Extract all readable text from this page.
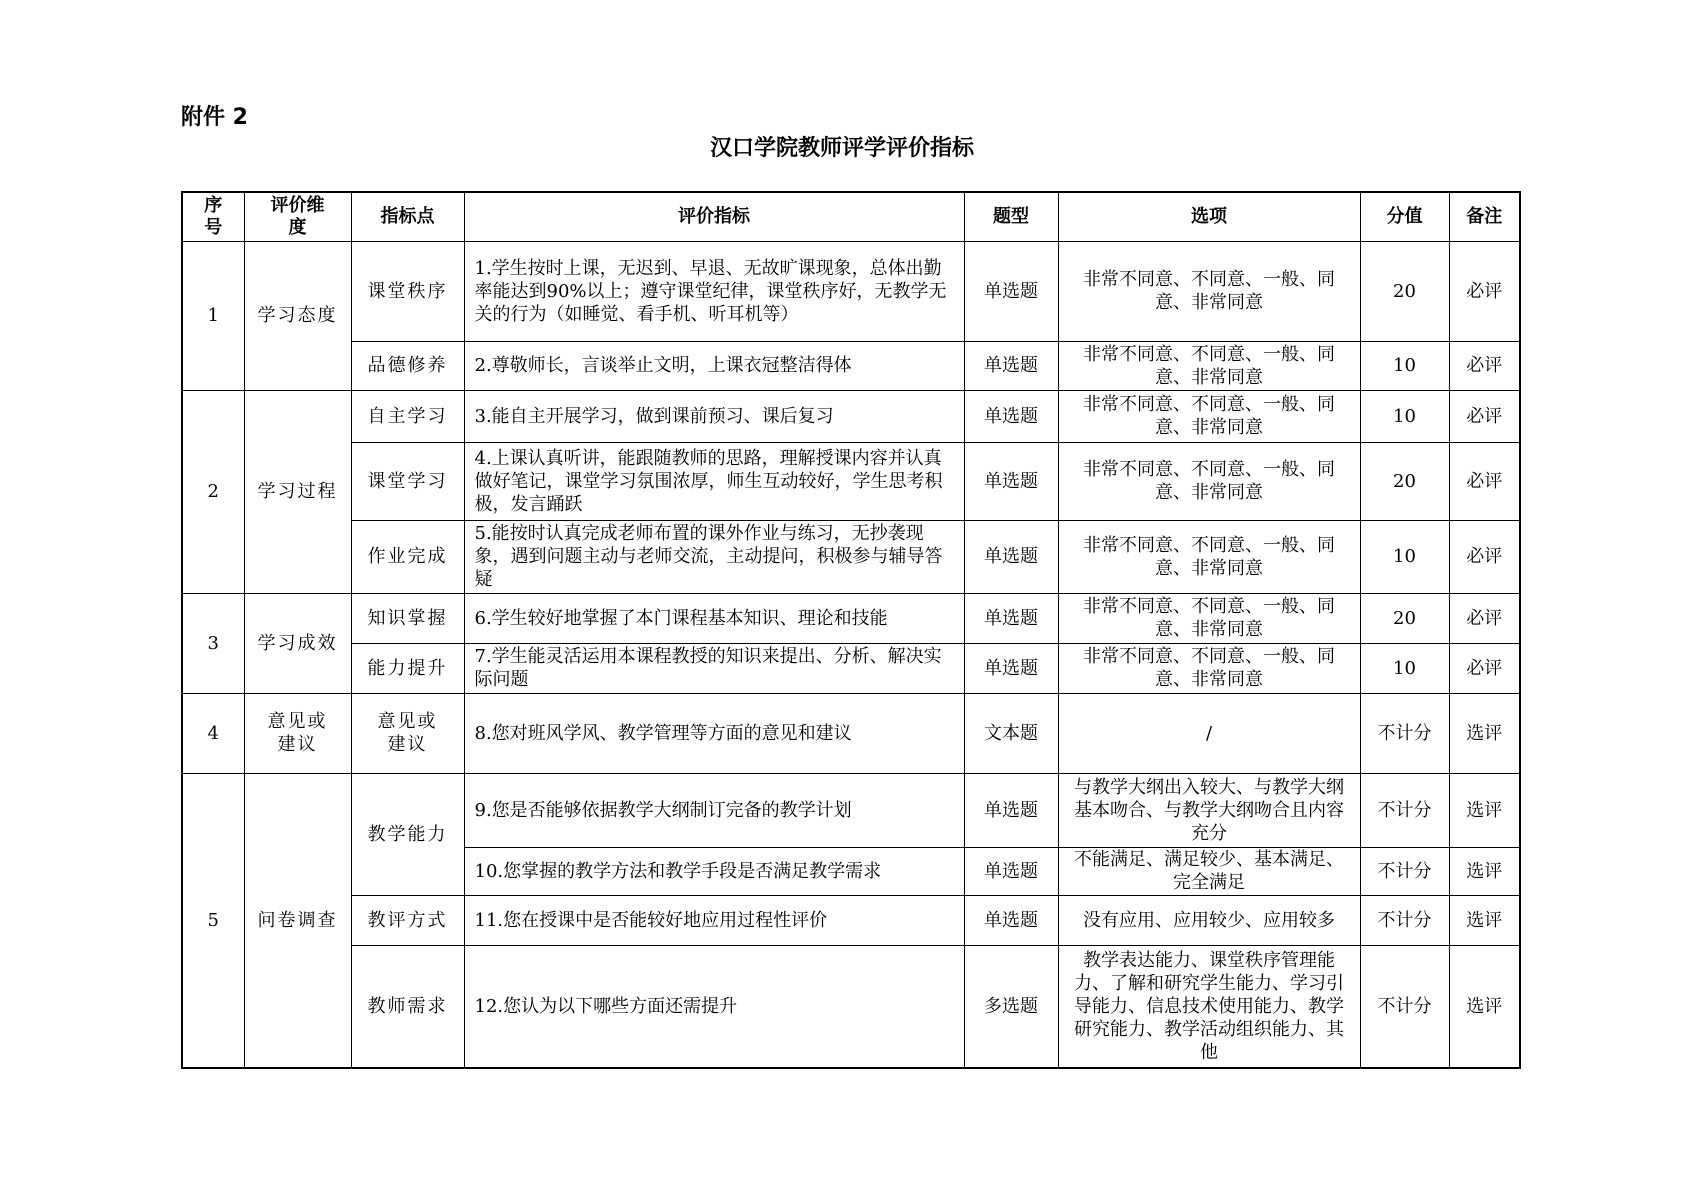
附件 2
汉口学院教师评学评价指标
序号	评价维度	指标点	评价指标	题型	选项	分值	备注
1	学习态度	课堂秩序	1.学生按时上课，无迟到、早退、无故旷课现象，总体出勤率能达到90%以上；遵守课堂纪律，课堂秩序好，无教学无关的行为（如睡觉、看手机、听耳机等）	单选题	非常不同意、不同意、一般、同意、非常同意	20	必评
		品德修养	2.尊敬师长，言谈举止文明，上课衣冠整洁得体	单选题	非常不同意、不同意、一般、同意、非常同意	10	必评
2	学习过程	自主学习	3.能自主开展学习，做到课前预习、课后复习	单选题	非常不同意、不同意、一般、同意、非常同意	10	必评
		课堂学习	4.上课认真听讲，能跟随教师的思路，理解授课内容并认真做好笔记，课堂学习氛围浓厚，师生互动较好，学生思考积极，发言踊跃	单选题	非常不同意、不同意、一般、同意、非常同意	20	必评
		作业完成	5.能按时认真完成老师布置的课外作业与练习，无抄袭现象，遇到问题主动与老师交流，主动提问，积极参与辅导答疑	单选题	非常不同意、不同意、一般、同意、非常同意	10	必评
3	学习成效	知识掌握	6.学生较好地掌握了本门课程基本知识、理论和技能	单选题	非常不同意、不同意、一般、同意、非常同意	20	必评
		能力提升	7.学生能灵活运用本课程教授的知识来提出、分析、解决实际问题	单选题	非常不同意、不同意、一般、同意、非常同意	10	必评
4	意见或建议	意见或建议	8.您对班风学风、教学管理等方面的意见和建议	文本题	/	不计分	选评
5	问卷调查	教学能力	9.您是否能够依据教学大纲制订完备的教学计划	单选题	与教学大纲出入较大、与教学大纲基本吻合、与教学大纲吻合且内容充分	不计分	选评
			10.您掌握的教学方法和教学手段是否满足教学需求	单选题	不能满足、满足较少、基本满足、完全满足	不计分	选评
		教评方式	11.您在授课中是否能较好地应用过程性评价	单选题	没有应用、应用较少、应用较多	不计分	选评
		教师需求	12.您认为以下哪些方面还需提升	多选题	教学表达能力、课堂秩序管理能力、了解和研究学生能力、学习引导能力、信息技术使用能力、教学研究能力、教学活动组织能力、其他	不计分	选评
